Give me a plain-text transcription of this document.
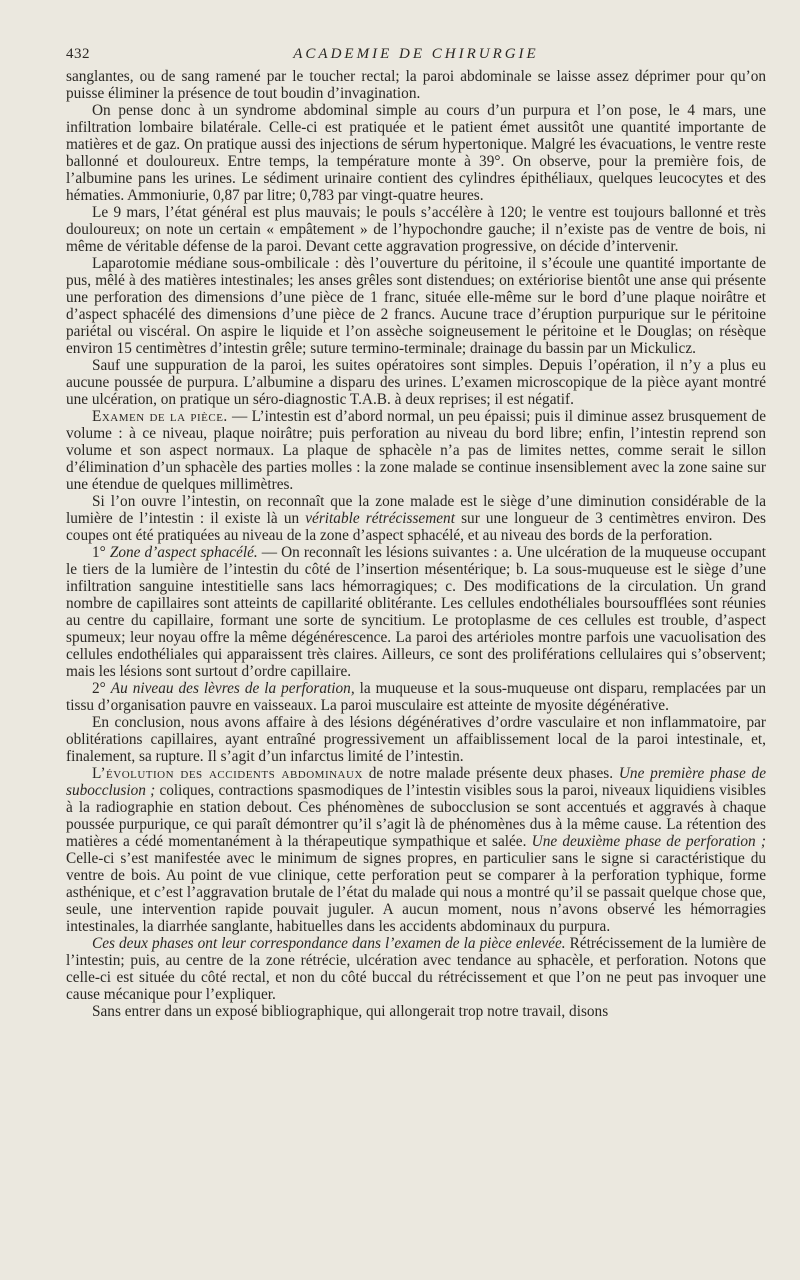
432	ACADEMIE DE CHIRURGIE

sanglantes, ou de sang ramené par le toucher rectal; la paroi abdominale se laisse assez déprimer pour qu’on puisse éliminer la présence de tout boudin d’invagination.

On pense donc à un syndrome abdominal simple au cours d’un purpura et l’on pose, le 4 mars, une infiltration lombaire bilatérale. Celle-ci est pratiquée et le patient émet aussitôt une quantité importante de matières et de gaz. On pratique aussi des injections de sérum hypertonique. Malgré les évacuations, le ventre reste ballonné et douloureux. Entre temps, la température monte à 39°. On observe, pour la première fois, de l’albumine pans les urines. Le sédiment urinaire contient des cylindres épithéliaux, quelques leucocytes et des hématies. Ammoniurie, 0,87 par litre; 0,783 par vingt-quatre heures.

Le 9 mars, l’état général est plus mauvais; le pouls s’accélère à 120; le ventre est toujours ballonné et très douloureux; on note un certain « empâtement » de l’hypochondre gauche; il n’existe pas de ventre de bois, ni même de véritable défense de la paroi. Devant cette aggravation progressive, on décide d’intervenir.

Laparotomie médiane sous-ombilicale : dès l’ouverture du péritoine, il s’écoule une quantité importante de pus, mêlé à des matières intestinales; les anses grêles sont distendues; on extériorise bientôt une anse qui présente une perforation des dimensions d’une pièce de 1 franc, située elle-même sur le bord d’une plaque noirâtre et d’aspect sphacélé des dimensions d’une pièce de 2 francs. Aucune trace d’éruption purpurique sur le péritoine pariétal ou viscéral. On aspire le liquide et l’on assèche soigneusement le péritoine et le Douglas; on résèque environ 15 centimètres d’intestin grêle; suture termino-terminale; drainage du bassin par un Mickulicz.

Sauf une suppuration de la paroi, les suites opératoires sont simples. Depuis l’opération, il n’y a plus eu aucune poussée de purpura. L’albumine a disparu des urines. L’examen microscopique de la pièce ayant montré une ulcération, on pratique un séro-diagnostic T.A.B. à deux reprises; il est négatif.

Examen de la pièce. — L’intestin est d’abord normal, un peu épaissi; puis il diminue assez brusquement de volume : à ce niveau, plaque noirâtre; puis perforation au niveau du bord libre; enfin, l’intestin reprend son volume et son aspect normaux. La plaque de sphacèle n’a pas de limites nettes, comme serait le sillon d’élimination d’un sphacèle des parties molles : la zone malade se continue insensiblement avec la zone saine sur une étendue de quelques millimètres.

Si l’on ouvre l’intestin, on reconnaît que la zone malade est le siège d’une diminution considérable de la lumière de l’intestin : il existe là un véritable rétrécissement sur une longueur de 3 centimètres environ. Des coupes ont été pratiquées au niveau de la zone d’aspect sphacélé, et au niveau des bords de la perforation.

1° Zone d’aspect sphacélé. — On reconnaît les lésions suivantes : a. Une ulcération de la muqueuse occupant le tiers de la lumière de l’intestin du côté de l’insertion mésentérique; b. La sous-muqueuse est le siège d’une infiltration sanguine intestitielle sans lacs hémorragiques; c. Des modifications de la circulation. Un grand nombre de capillaires sont atteints de capillarité oblitérante. Les cellules endothéliales boursoufflées sont réunies au centre du capillaire, formant une sorte de syncitium. Le protoplasme de ces cellules est trouble, d’aspect spumeux; leur noyau offre la même dégénérescence. La paroi des artérioles montre parfois une vacuolisation des cellules endothéliales qui apparaissent très claires. Ailleurs, ce sont des proliférations cellulaires qui s’observent; mais les lésions sont surtout d’ordre capillaire.

2° Au niveau des lèvres de la perforation, la muqueuse et la sous-muqueuse ont disparu, remplacées par un tissu d’organisation pauvre en vaisseaux. La paroi musculaire est atteinte de myosite dégénérative.

En conclusion, nous avons affaire à des lésions dégénératives d’ordre vasculaire et non inflammatoire, par oblitérations capillaires, ayant entraîné progressivement un affaiblissement local de la paroi intestinale, et, finalement, sa rupture. Il s’agit d’un infarctus limité de l’intestin.

L’évolution des accidents abdominaux de notre malade présente deux phases. Une première phase de subocclusion ; coliques, contractions spasmodiques de l’intestin visibles sous la paroi, niveaux liquidiens visibles à la radiographie en station debout. Ces phénomènes de subocclusion se sont accentués et aggravés à chaque poussée purpurique, ce qui paraît démontrer qu’il s’agit là de phénomènes dus à la même cause. La rétention des matières a cédé momentanément à la thérapeutique sympathique et salée. Une deuxième phase de perforation ; Celle-ci s’est manifestée avec le minimum de signes propres, en particulier sans le signe si caractéristique du ventre de bois. Au point de vue clinique, cette perforation peut se comparer à la perforation typhique, forme asthénique, et c’est l’aggravation brutale de l’état du malade qui nous a montré qu’il se passait quelque chose que, seule, une intervention rapide pouvait juguler. A aucun moment, nous n’avons observé les hémorragies intestinales, la diarrhée sanglante, habituelles dans les accidents abdominaux du purpura.

Ces deux phases ont leur correspondance dans l’examen de la pièce enlevée. Rétrécissement de la lumière de l’intestin; puis, au centre de la zone rétrécie, ulcération avec tendance au sphacèle, et perforation. Notons que celle-ci est située du côté rectal, et non du côté buccal du rétrécissement et que l’on ne peut pas invoquer une cause mécanique pour l’expliquer.

Sans entrer dans un exposé bibliographique, qui allongerait trop notre travail, disons
